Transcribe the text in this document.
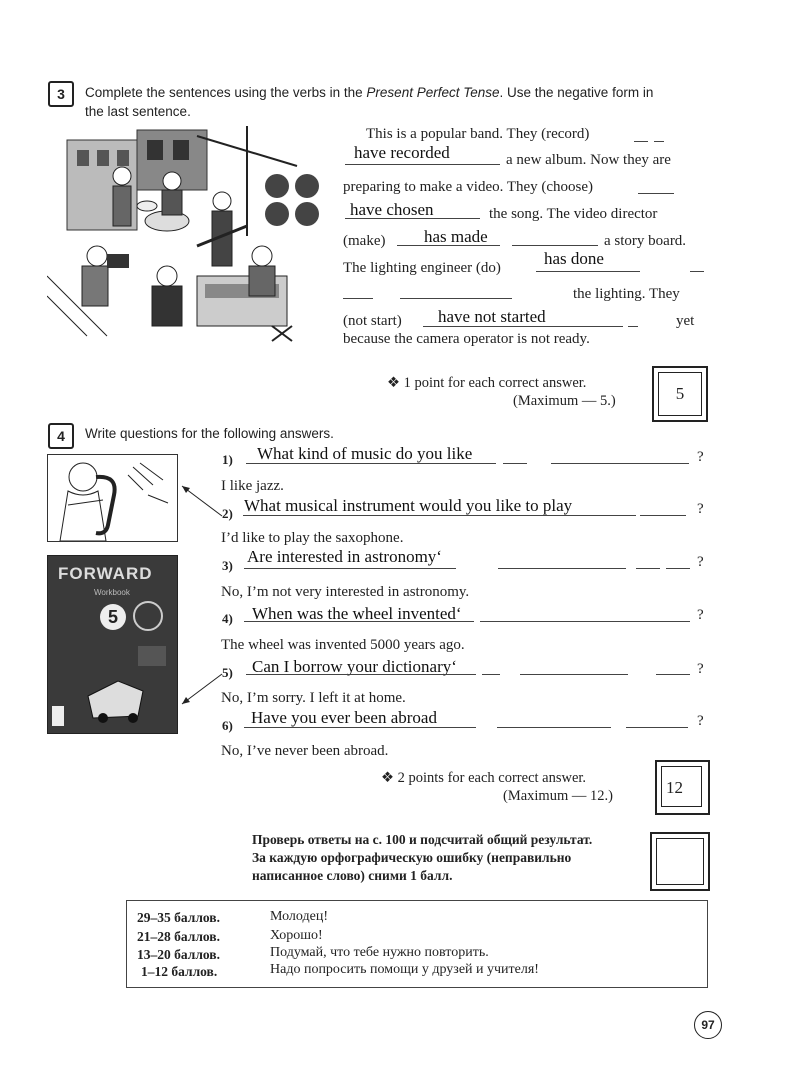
3	Complete the sentences using the verbs in the Present Perfect Tense. Use the negative form in
the last sentence.
This is a popular band. They (record)
have recorded	a new album. Now they are
preparing to make a video. They (choose)
have chosen	the song. The video director
(make) has made	a story board.
The lighting engineer (do)	has done
the lighting. They
(not start) have not started	yet
because the camera operator is not ready.
❖ 1 point for each correct answer.
(Maximum — 5.)	5
4	Write questions for the following answers.
FORWARD
Workbook
5
1) What kind of music do you like	?
I like jazz.
2) What musical instrument would you like to play	?
I’d like to play the saxophone.
3) Are interested in astronomy‘	?
No, I’m not very interested in astronomy.
4) When was the wheel invented‘	?
The wheel was invented 5000 years ago.
5) Can I borrow your dictionary‘	?
No, I’m sorry. I left it at home.
6) Have you ever been abroad	?
No, I’ve never been abroad.
❖ 2 points for each correct answer.
(Maximum — 12.)	12
Проверь ответы на с. 100 и подсчитай общий результат.
За каждую орфографическую ошибку (неправильно
написанное слово) сними 1 балл.
29–35 баллов.	Молодец!
21–28 баллов.	Хорошо!
13–20 баллов.	Подумай, что тебе нужно повторить.
1–12 баллов.	Надо попросить помощи у друзей и учителя!
97
